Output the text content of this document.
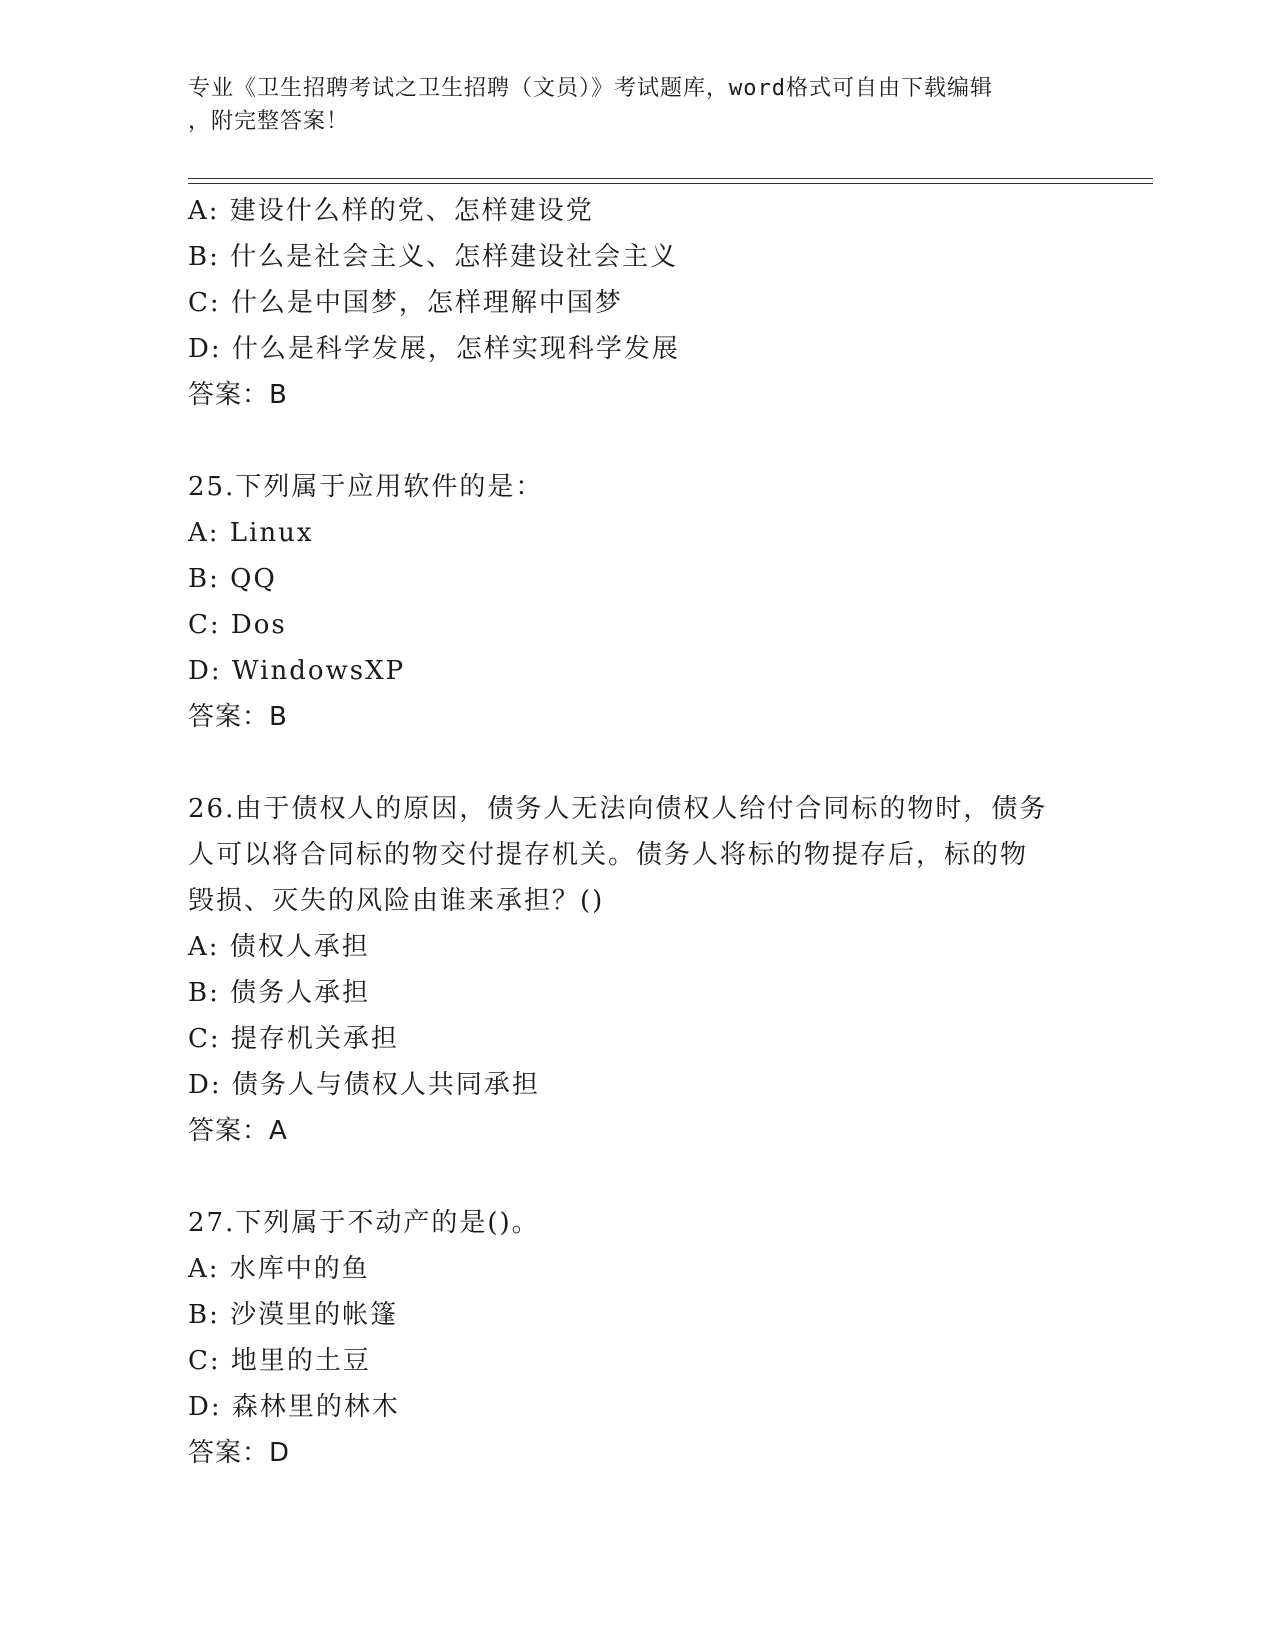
专业《卫生招聘考试之卫生招聘（文员）》考试题库，word格式可自由下载编辑
，附完整答案！
A: 建设什么样的党、怎样建设党
B: 什么是社会主义、怎样建设社会主义
C: 什么是中国梦，怎样理解中国梦
D: 什么是科学发展，怎样实现科学发展
答案：B
25.下列属于应用软件的是：
A: Linux
B: QQ
C: Dos
D: WindowsXP
答案：B
26.由于债权人的原因，债务人无法向债权人给付合同标的物时，债务
人可以将合同标的物交付提存机关。债务人将标的物提存后，标的物
毁损、灭失的风险由谁来承担？()
A: 债权人承担
B: 债务人承担
C: 提存机关承担
D: 债务人与债权人共同承担
答案：A
27.下列属于不动产的是()。
A: 水库中的鱼
B: 沙漠里的帐篷
C: 地里的土豆
D: 森林里的林木
答案：D
